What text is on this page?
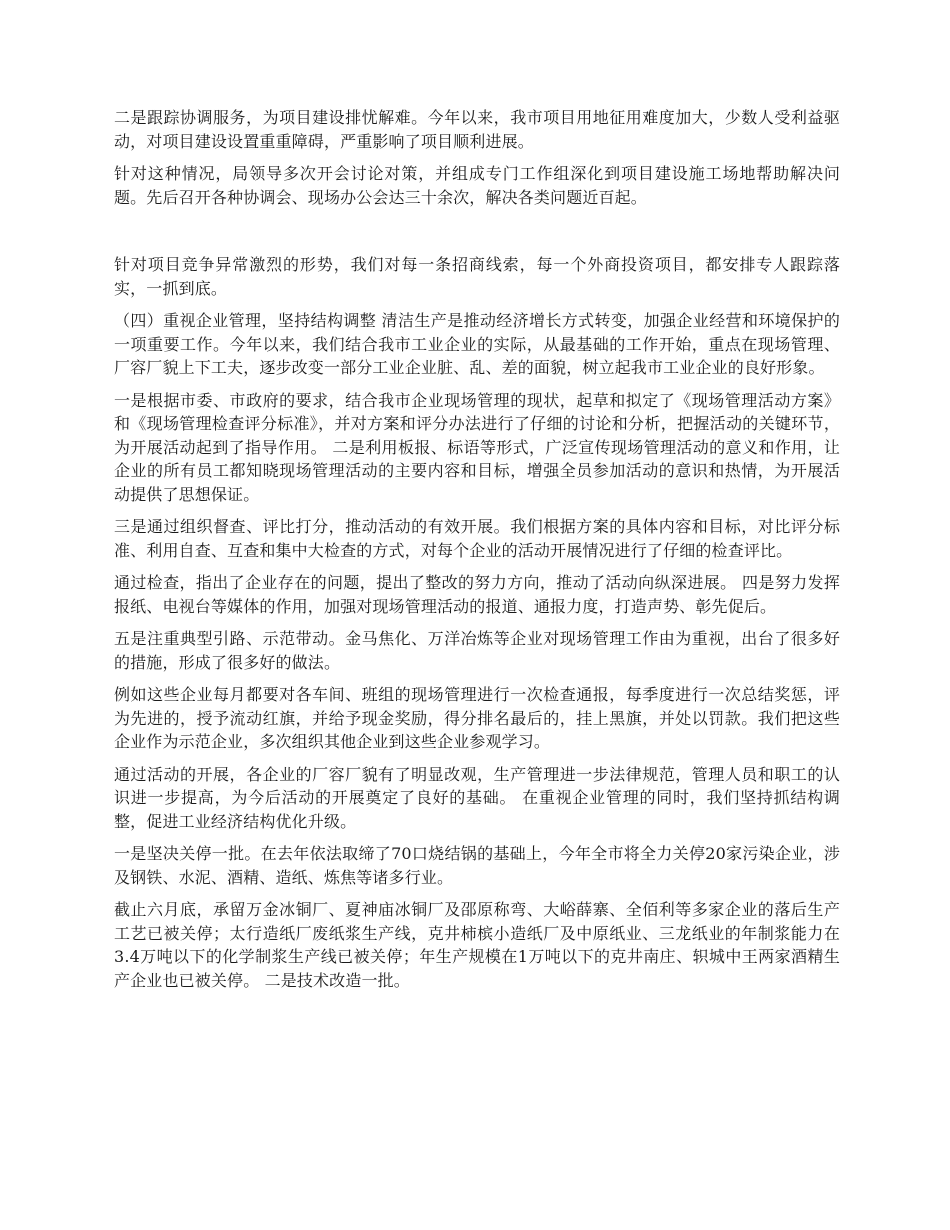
二是跟踪协调服务，为项目建设排忧解难。今年以来，我市项目用地征用难度加大，少数人受利益驱动，对项目建设设置重重障碍，严重影响了项目顺利进展。

针对这种情况，局领导多次开会讨论对策，并组成专门工作组深化到项目建设施工场地帮助解决问题。先后召开各种协调会、现场办公会达三十余次，解决各类问题近百起。

针对项目竞争异常激烈的形势，我们对每一条招商线索，每一个外商投资项目，都安排专人跟踪落实，一抓到底。

（四）重视企业管理，坚持结构调整 清洁生产是推动经济增长方式转变，加强企业经营和环境保护的一项重要工作。今年以来，我们结合我市工业企业的实际，从最基础的工作开始，重点在现场管理、厂容厂貌上下工夫，逐步改变一部分工业企业脏、乱、差的面貌，树立起我市工业企业的良好形象。

一是根据市委、市政府的要求，结合我市企业现场管理的现状，起草和拟定了《现场管理活动方案》和《现场管理检查评分标准》，并对方案和评分办法进行了仔细的讨论和分析，把握活动的关键环节，为开展活动起到了指导作用。 二是利用板报、标语等形式，广泛宣传现场管理活动的意义和作用，让企业的所有员工都知晓现场管理活动的主要内容和目标，增强全员参加活动的意识和热情，为开展活动提供了思想保证。

三是通过组织督查、评比打分，推动活动的有效开展。我们根据方案的具体内容和目标，对比评分标准、利用自查、互查和集中大检查的方式，对每个企业的活动开展情况进行了仔细的检查评比。

通过检查，指出了企业存在的问题，提出了整改的努力方向，推动了活动向纵深进展。 四是努力发挥报纸、电视台等媒体的作用，加强对现场管理活动的报道、通报力度，打造声势、彰先促后。

五是注重典型引路、示范带动。金马焦化、万洋冶炼等企业对现场管理工作由为重视，出台了很多好的措施，形成了很多好的做法。

例如这些企业每月都要对各车间、班组的现场管理进行一次检查通报，每季度进行一次总结奖惩，评为先进的，授予流动红旗，并给予现金奖励，得分排名最后的，挂上黑旗，并处以罚款。我们把这些企业作为示范企业，多次组织其他企业到这些企业参观学习。

通过活动的开展，各企业的厂容厂貌有了明显改观，生产管理进一步法律规范，管理人员和职工的认识进一步提高，为今后活动的开展奠定了良好的基础。 在重视企业管理的同时，我们坚持抓结构调整，促进工业经济结构优化升级。

一是坚决关停一批。在去年依法取缔了70口烧结锅的基础上，今年全市将全力关停20家污染企业，涉及钢铁、水泥、酒精、造纸、炼焦等诸多行业。

截止六月底，承留万金冰铜厂、夏神庙冰铜厂及邵原称弯、大峪薛寨、全佰利等多家企业的落后生产工艺已被关停；太行造纸厂废纸浆生产线，克井柿槟小造纸厂及中原纸业、三龙纸业的年制浆能力在3.4万吨以下的化学制浆生产线已被关停；年生产规模在1万吨以下的克井南庄、轵城中王两家酒精生产企业也已被关停。 二是技术改造一批。
